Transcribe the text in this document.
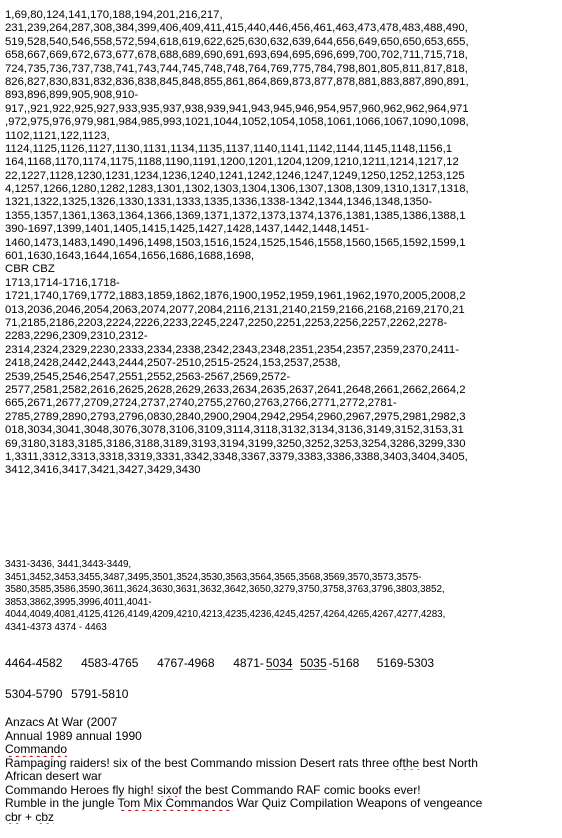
1,69,80,124,141,170,188,194,201,216,217,
231,239,264,287,308,384,399,406,409,411,415,440,446,456,461,463,473,478,483,488,490,
519,528,540,546,558,572,594,618,619,622,625,630,632,639,644,656,649,650,650,653,655,
658,667,669,672,673,677,678,688,689,690,691,693,694,695,696,699,700,702,711,715,718,
724,735,736,737,738,741,743,744,745,748,748,764,769,775,784,798,801,805,811,817,818,
826,827,830,831,832,836,838,845,848,855,861,864,869,873,877,878,881,883,887,890,891,
893,896,899,905,908,910-
917,,921,922,925,927,933,935,937,938,939,941,943,945,946,954,957,960,962,962,964,971
,972,975,976,979,981,984,985,993,1021,1044,1052,1054,1058,1061,1066,1067,1090,1098,
1102,1121,122,1123,
1124,1125,1126,1127,1130,1131,1134,1135,1137,1140,1141,1142,1144,1145,1148,1156,1
164,1168,1170,1174,1175,1188,1190,1191,1200,1201,1204,1209,1210,1211,1214,1217,12
22,1227,1128,1230,1231,1234,1236,1240,1241,1242,1246,1247,1249,1250,1252,1253,125
4,1257,1266,1280,1282,1283,1301,1302,1303,1304,1306,1307,1308,1309,1310,1317,1318,
1321,1322,1325,1326,1330,1331,1333,1335,1336,1338-1342,1344,1346,1348,1350-
1355,1357,1361,1363,1364,1366,1369,1371,1372,1373,1374,1376,1381,1385,1386,1388,1
390-1697,1399,1401,1405,1415,1425,1427,1428,1437,1442,1448,1451-
1460,1473,1483,1490,1496,1498,1503,1516,1524,1525,1546,1558,1560,1565,1592,1599,1
601,1630,1643,1644,1654,1656,1686,1688,1698,
CBR CBZ
1713,1714-1716,1718-
1721,1740,1769,1772,1883,1859,1862,1876,1900,1952,1959,1961,1962,1970,2005,2008,2
013,2036,2046,2054,2063,2074,2077,2084,2116,2131,2140,2159,2166,2168,2169,2170,21
71,2185,2186,2203,2224,2226,2233,2245,2247,2250,2251,2253,2256,2257,2262,2278-
2283,2296,2309,2310,2312-
2314,2324,2329,2230,2333,2334,2338,2342,2343,2348,2351,2354,2357,2359,2370,2411-
2418,2428,2442,2443,2444,2507-2510,2515-2524,153,2537,2538,
2539,2545,2546,2547,2551,2552,2563-2567,2569,2572-
2577,2581,2582,2616,2625,2628,2629,2633,2634,2635,2637,2641,2648,2661,2662,2664,2
665,2671,2677,2709,2724,2737,2740,2755,2760,2763,2766,2771,2772,2781-
2785,2789,2890,2793,2796,0830,2840,2900,2904,2942,2954,2960,2967,2975,2981,2982,3
018,3034,3041,3048,3076,3078,3106,3109,3114,3118,3132,3134,3136,3149,3152,3153,31
69,3180,3183,3185,3186,3188,3189,3193,3194,3199,3250,3252,3253,3254,3286,3299,330
1,3311,3312,3313,3318,3319,3331,3342,3348,3367,3379,3383,3386,3388,3403,3404,3405,
3412,3416,3417,3421,3427,3429,3430
3431-3436, 3441,3443-3449,
3451,3452,3453,3455,3487,3495,3501,3524,3530,3563,3564,3565,3568,3569,3570,3573,3575-
3580,3585,3586,3590,3611,3624,3630,3631,3632,3642,3650,3279,3750,3758,3763,3796,3803,3852,
3853,3862,3995,3996,4011,4041-
4044,4049,4081,4125,4126,4149,4209,4210,4213,4235,4236,4245,4257,4264,4265,4267,4277,4283,
4341-4373 4374 - 4463
4464-4582 4583-4765 4767-4968 4871- 5034 5035 -5168 5169-5303
5304-5790 5791-5810
Anzacs At War (2007
Annual 1989 annual 1990
Commando
Rampaging raiders! six of the best Commando mission Desert rats three ofthe best North
African desert war
Commando Heroes fly high! sixof the best Commando RAF comic books ever!
Rumble in the jungle Tom Mix Commandos War Quiz Compilation Weapons of vengeance
cbr + cbz
